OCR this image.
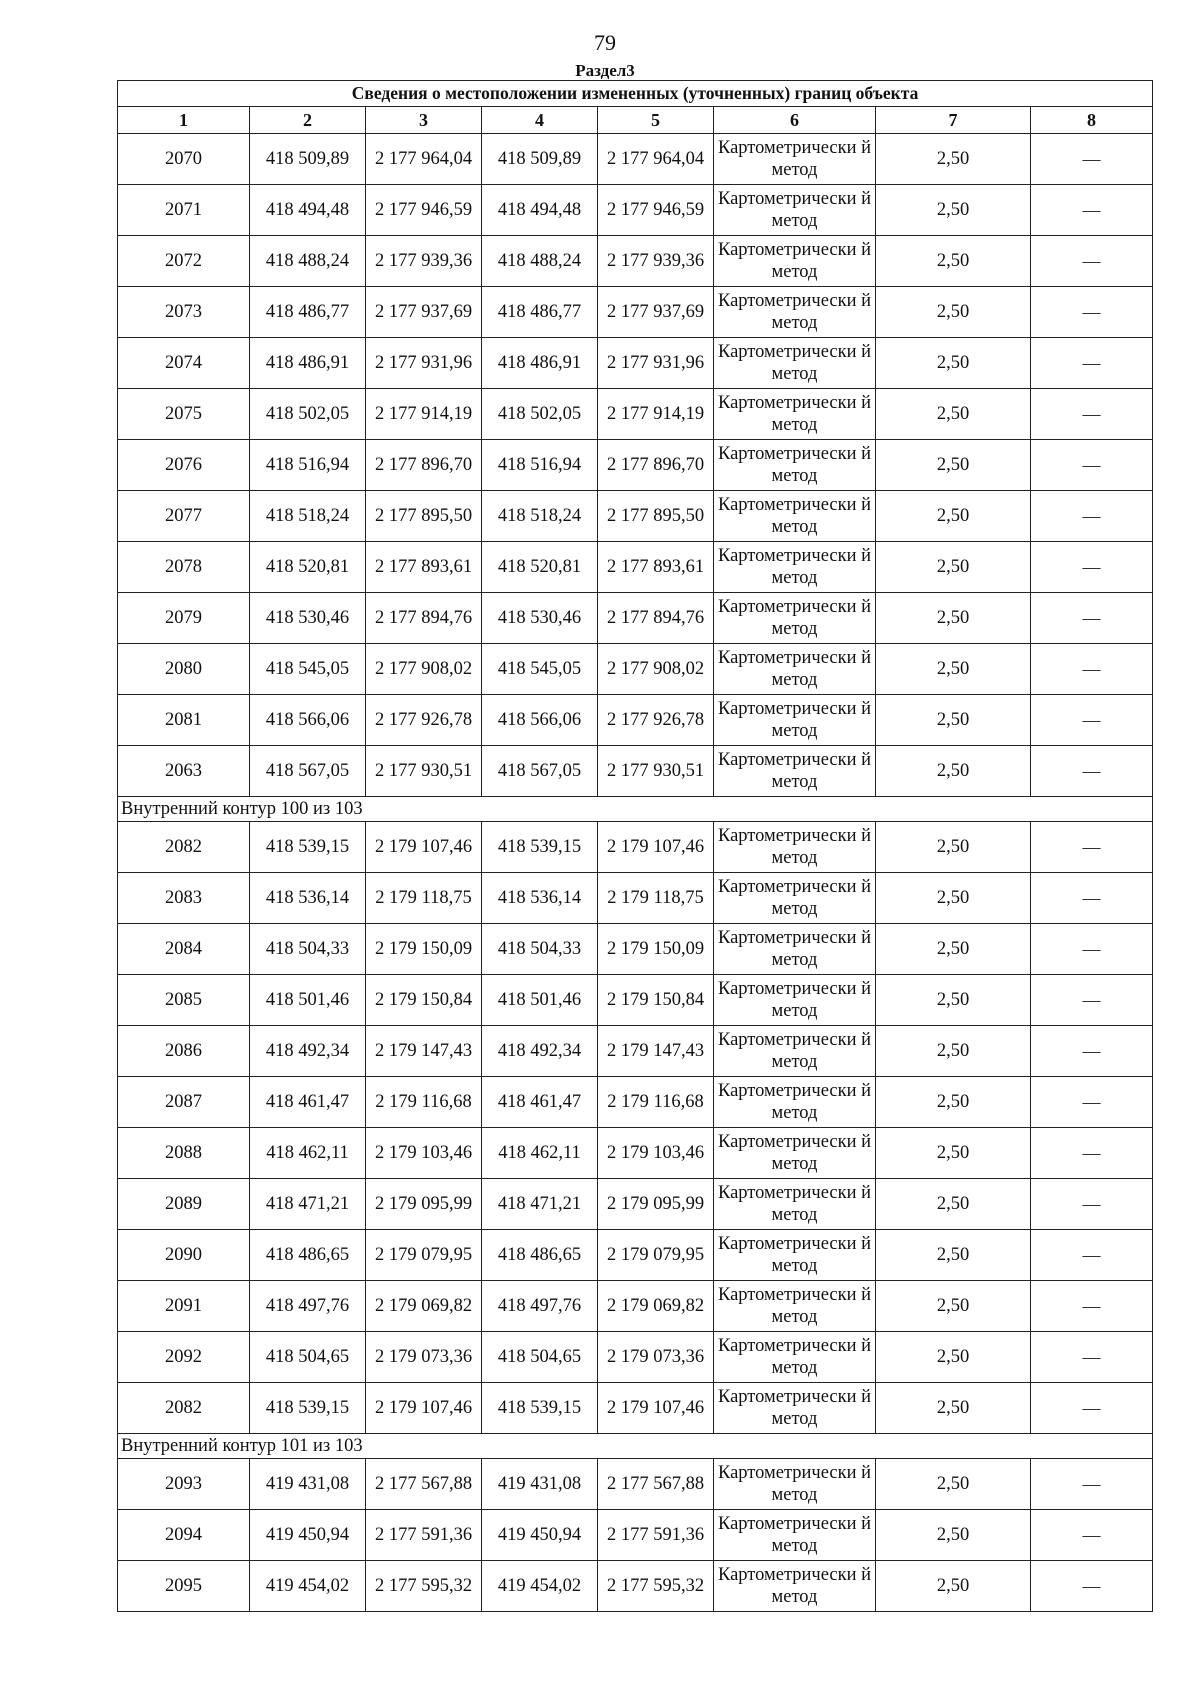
79
Раздел3
Сведения о местоположении измененных (уточненных) границ объекта							
1	2	3	4	5	6	7	8
2070	418 509,89	2 177 964,04	418 509,89	2 177 964,04	Картометрически й метод	2,50	—
2071	418 494,48	2 177 946,59	418 494,48	2 177 946,59	Картометрически й метод	2,50	—
2072	418 488,24	2 177 939,36	418 488,24	2 177 939,36	Картометрически й метод	2,50	—
2073	418 486,77	2 177 937,69	418 486,77	2 177 937,69	Картометрически й метод	2,50	—
2074	418 486,91	2 177 931,96	418 486,91	2 177 931,96	Картометрически й метод	2,50	—
2075	418 502,05	2 177 914,19	418 502,05	2 177 914,19	Картометрически й метод	2,50	—
2076	418 516,94	2 177 896,70	418 516,94	2 177 896,70	Картометрически й метод	2,50	—
2077	418 518,24	2 177 895,50	418 518,24	2 177 895,50	Картометрически й метод	2,50	—
2078	418 520,81	2 177 893,61	418 520,81	2 177 893,61	Картометрически й метод	2,50	—
2079	418 530,46	2 177 894,76	418 530,46	2 177 894,76	Картометрически й метод	2,50	—
2080	418 545,05	2 177 908,02	418 545,05	2 177 908,02	Картометрически й метод	2,50	—
2081	418 566,06	2 177 926,78	418 566,06	2 177 926,78	Картометрически й метод	2,50	—
2063	418 567,05	2 177 930,51	418 567,05	2 177 930,51	Картометрически й метод	2,50	—
Внутренний контур 100 из 103							
2082	418 539,15	2 179 107,46	418 539,15	2 179 107,46	Картометрически й метод	2,50	—
2083	418 536,14	2 179 118,75	418 536,14	2 179 118,75	Картометрически й метод	2,50	—
2084	418 504,33	2 179 150,09	418 504,33	2 179 150,09	Картометрически й метод	2,50	—
2085	418 501,46	2 179 150,84	418 501,46	2 179 150,84	Картометрически й метод	2,50	—
2086	418 492,34	2 179 147,43	418 492,34	2 179 147,43	Картометрически й метод	2,50	—
2087	418 461,47	2 179 116,68	418 461,47	2 179 116,68	Картометрически й метод	2,50	—
2088	418 462,11	2 179 103,46	418 462,11	2 179 103,46	Картометрически й метод	2,50	—
2089	418 471,21	2 179 095,99	418 471,21	2 179 095,99	Картометрически й метод	2,50	—
2090	418 486,65	2 179 079,95	418 486,65	2 179 079,95	Картометрически й метод	2,50	—
2091	418 497,76	2 179 069,82	418 497,76	2 179 069,82	Картометрически й метод	2,50	—
2092	418 504,65	2 179 073,36	418 504,65	2 179 073,36	Картометрически й метод	2,50	—
2082	418 539,15	2 179 107,46	418 539,15	2 179 107,46	Картометрически й метод	2,50	—
Внутренний контур 101 из 103							
2093	419 431,08	2 177 567,88	419 431,08	2 177 567,88	Картометрически й метод	2,50	—
2094	419 450,94	2 177 591,36	419 450,94	2 177 591,36	Картометрически й метод	2,50	—
2095	419 454,02	2 177 595,32	419 454,02	2 177 595,32	Картометрически й метод	2,50	—
